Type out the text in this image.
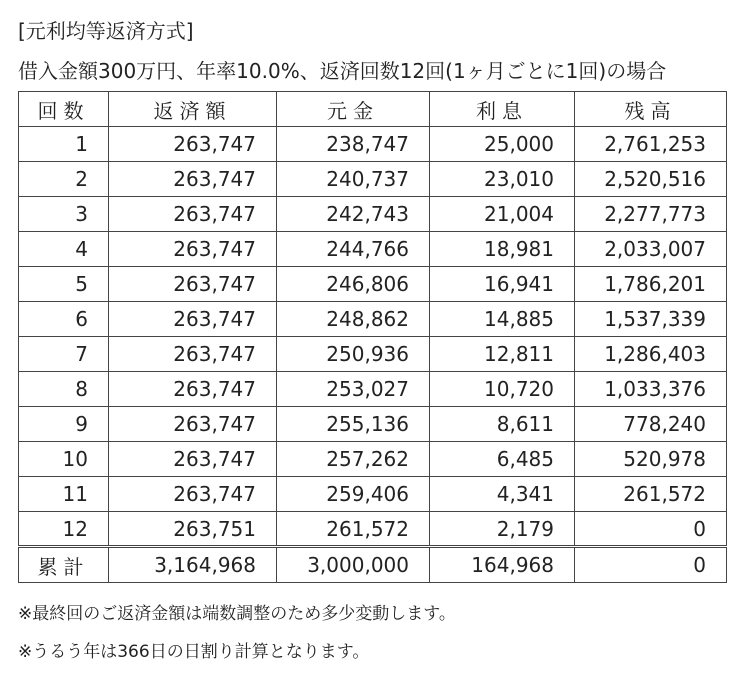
[元利均等返済方式]
借入金額300万円、年率10.0%、返済回数12回(1ヶ月ごとに1回)の場合
回数	返済額	元金	利息	残高
1	263,747	238,747	25,000	2,761,253
2	263,747	240,737	23,010	2,520,516
3	263,747	242,743	21,004	2,277,773
4	263,747	244,766	18,981	2,033,007
5	263,747	246,806	16,941	1,786,201
6	263,747	248,862	14,885	1,537,339
7	263,747	250,936	12,811	1,286,403
8	263,747	253,027	10,720	1,033,376
9	263,747	255,136	8,611	778,240
10	263,747	257,262	6,485	520,978
11	263,747	259,406	4,341	261,572
12	263,751	261,572	2,179	0
累計	3,164,968	3,000,000	164,968	0
※最終回のご返済金額は端数調整のため多少変動します。
※うるう年は366日の日割り計算となります。
